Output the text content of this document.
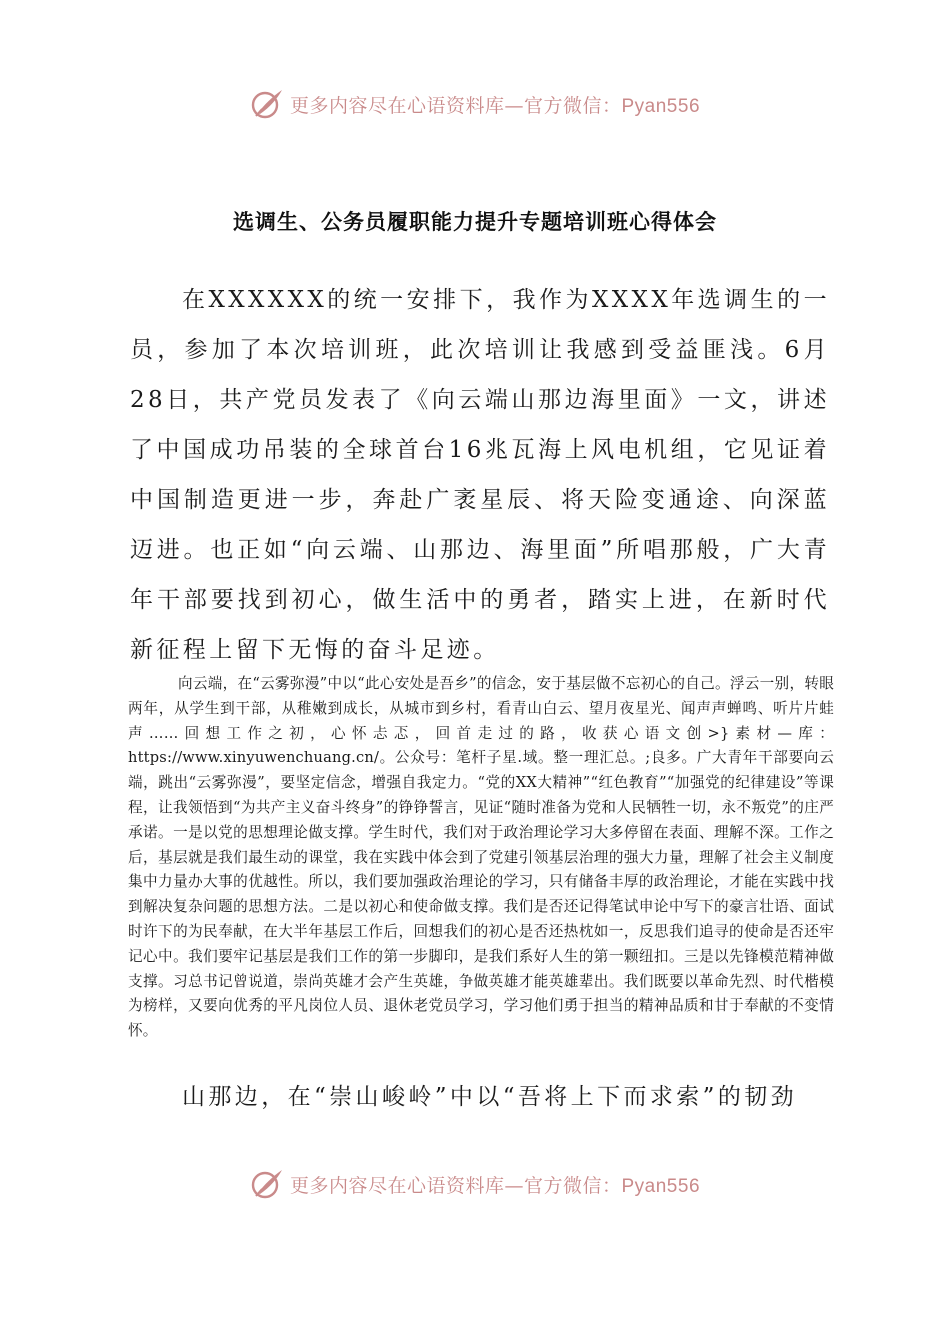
更多内容尽在心语资料库—官方微信：Pyan556
选调生、公务员履职能力提升专题培训班心得体会

在XXXXXX的统一安排下，我作为XXXX年选调生的一员，参加了本次培训班，此次培训让我感到受益匪浅。6月28日，共产党员发表了《向云端山那边海里面》一文，讲述了中国成功吊装的全球首台16兆瓦海上风电机组，它见证着中国制造更进一步，奔赴广袤星辰、将天险变通途、向深蓝迈进。也正如“向云端、山那边、海里面”所唱那般，广大青年干部要找到初心，做生活中的勇者，踏实上进，在新时代新征程上留下无悔的奋斗足迹。

向云端，在“云雾弥漫”中以“此心安处是吾乡”的信念，安于基层做不忘初心的自己。浮云一别，转眼两年，从学生到干部，从稚嫩到成长，从城市到乡村，看青山白云、望月夜星光、闻声声蝉鸣、听片片蛙声……回想工作之初，心怀忐忑，回首走过的路，收获心语文创>}素材—库：https://www.xinyuwenchuang.cn/。公众号：笔杆子星.域。整一理汇总。;良多。广大青年干部要向云端，跳出“云雾弥漫”，要坚定信念，增强自我定力。“党的XX大精神”“红色教育”“加强党的纪律建设”等课程，让我领悟到“为共产主义奋斗终身”的铮铮誓言，见证“随时准备为党和人民牺牲一切，永不叛党”的庄严承诺。一是以党的思想理论做支撑。学生时代，我们对于政治理论学习大多停留在表面、理解不深。工作之后，基层就是我们最生动的课堂，我在实践中体会到了党建引领基层治理的强大力量，理解了社会主义制度集中力量办大事的优越性。所以，我们要加强政治理论的学习，只有储备丰厚的政治理论，才能在实践中找到解决复杂问题的思想方法。二是以初心和使命做支撑。我们是否还记得笔试申论中写下的豪言壮语、面试时许下的为民奉献，在大半年基层工作后，回想我们的初心是否还热枕如一，反思我们追寻的使命是否还牢记心中。我们要牢记基层是我们工作的第一步脚印，是我们系好人生的第一颗纽扣。三是以先锋模范精神做支撑。习总书记曾说道，崇尚英雄才会产生英雄，争做英雄才能英雄辈出。我们既要以革命先烈、时代楷模为榜样，又要向优秀的平凡岗位人员、退休老党员学习，学习他们勇于担当的精神品质和甘于奉献的不变情怀。

山那边，在“崇山峻岭”中以“吾将上下而求索”的韧劲

更多内容尽在心语资料库—官方微信：Pyan556
